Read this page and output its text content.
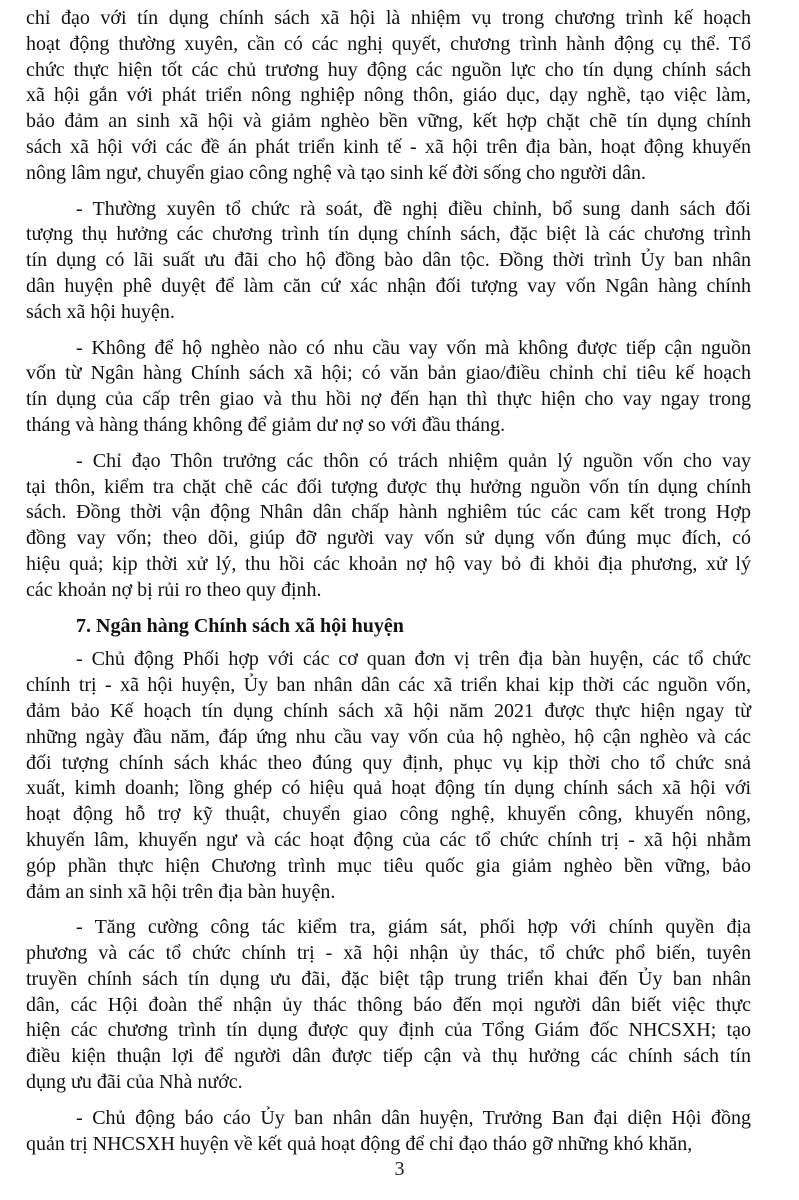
chỉ đạo với tín dụng chính sách xã hội là nhiệm vụ trong chương trình kế hoạch
hoạt động thường xuyên, cần có các nghị quyết, chương trình hành động cụ thể. Tổ
chức thực hiện tốt các chủ trương huy động các nguồn lực cho tín dụng chính sách
xã hội gắn với phát triển nông nghiệp nông thôn, giáo dục, dạy nghề, tạo việc làm,
bảo đảm an sinh xã hội và giảm nghèo bền vững, kết hợp chặt chẽ tín dụng chính
sách xã hội với các đề án phát triển kinh tế - xã hội trên địa bàn, hoạt động khuyến
nông lâm ngư, chuyển giao công nghệ và tạo sinh kế đời sống cho người dân.
- Thường xuyên tổ chức rà soát, đề nghị điều chỉnh, bổ sung danh sách đối
tượng thụ hưởng các chương trình tín dụng chính sách, đặc biệt là các chương trình
tín dụng có lãi suất ưu đãi cho hộ đồng bào dân tộc. Đồng thời trình Ủy ban nhân
dân huyện phê duyệt để làm căn cứ xác nhận đối tượng vay vốn Ngân hàng chính
sách xã hội huyện.
- Không để hộ nghèo nào có nhu cầu vay vốn mà không được tiếp cận nguồn
vốn từ Ngân hàng Chính sách xã hội; có văn bản giao/điều chỉnh chỉ tiêu kế hoạch
tín dụng của cấp trên giao và thu hồi nợ đến hạn thì thực hiện cho vay ngay trong
tháng và hàng tháng không để giảm dư nợ so với đầu tháng.
- Chỉ đạo Thôn trưởng các thôn có trách nhiệm quản lý nguồn vốn cho vay
tại thôn, kiểm tra chặt chẽ các đối tượng được thụ hưởng nguồn vốn tín dụng chính
sách. Đồng thời vận động Nhân dân chấp hành nghiêm túc các cam kết trong Hợp
đồng vay vốn; theo dõi, giúp đỡ người vay vốn sử dụng vốn đúng mục đích, có
hiệu quả; kịp thời xử lý, thu hồi các khoản nợ hộ vay bỏ đi khỏi địa phương, xử lý
các khoản nợ bị rủi ro theo quy định.
7. Ngân hàng Chính sách xã hội huyện
- Chủ động Phối hợp với các cơ quan đơn vị trên địa bàn huyện, các tổ chức
chính trị - xã hội huyện, Ủy ban nhân dân các xã triển khai kịp thời các nguồn vốn,
đảm bảo Kế hoạch tín dụng chính sách xã hội năm 2021 được thực hiện ngay từ
những ngày đầu năm, đáp ứng nhu cầu vay vốn của hộ nghèo, hộ cận nghèo và các
đối tượng chính sách khác theo đúng quy định, phục vụ kịp thời cho tổ chức snả
xuất, kimh doanh; lồng ghép có hiệu quả hoạt động tín dụng chính sách xã hội với
hoạt động hỗ trợ kỹ thuật, chuyển giao công nghệ, khuyến công, khuyến nông,
khuyến lâm, khuyến ngư và các hoạt động của các tổ chức chính trị - xã hội nhằm
góp phần thực hiện Chương trình mục tiêu quốc gia giảm nghèo bền vững, bảo
đảm an sinh xã hội trên địa bàn huyện.
- Tăng cường công tác kiểm tra, giám sát, phối hợp với chính quyền địa
phương và các tổ chức chính trị - xã hội nhận ủy thác, tổ chức phổ biến, tuyên
truyền chính sách tín dụng ưu đãi, đặc biệt tập trung triển khai đến Ủy ban nhân
dân, các Hội đoàn thể nhận ủy thác thông báo đến mọi người dân biết việc thực
hiện các chương trình tín dụng được quy định của Tổng Giám đốc NHCSXH; tạo
điều kiện thuận lợi để người dân được tiếp cận và thụ hưởng các chính sách tín
dụng ưu đãi của Nhà nước.
- Chủ động báo cáo Ủy ban nhân dân huyện, Trưởng Ban đại diện Hội đồng
quản trị NHCSXH huyện về kết quả hoạt động để chỉ đạo tháo gỡ những khó khăn,
3
